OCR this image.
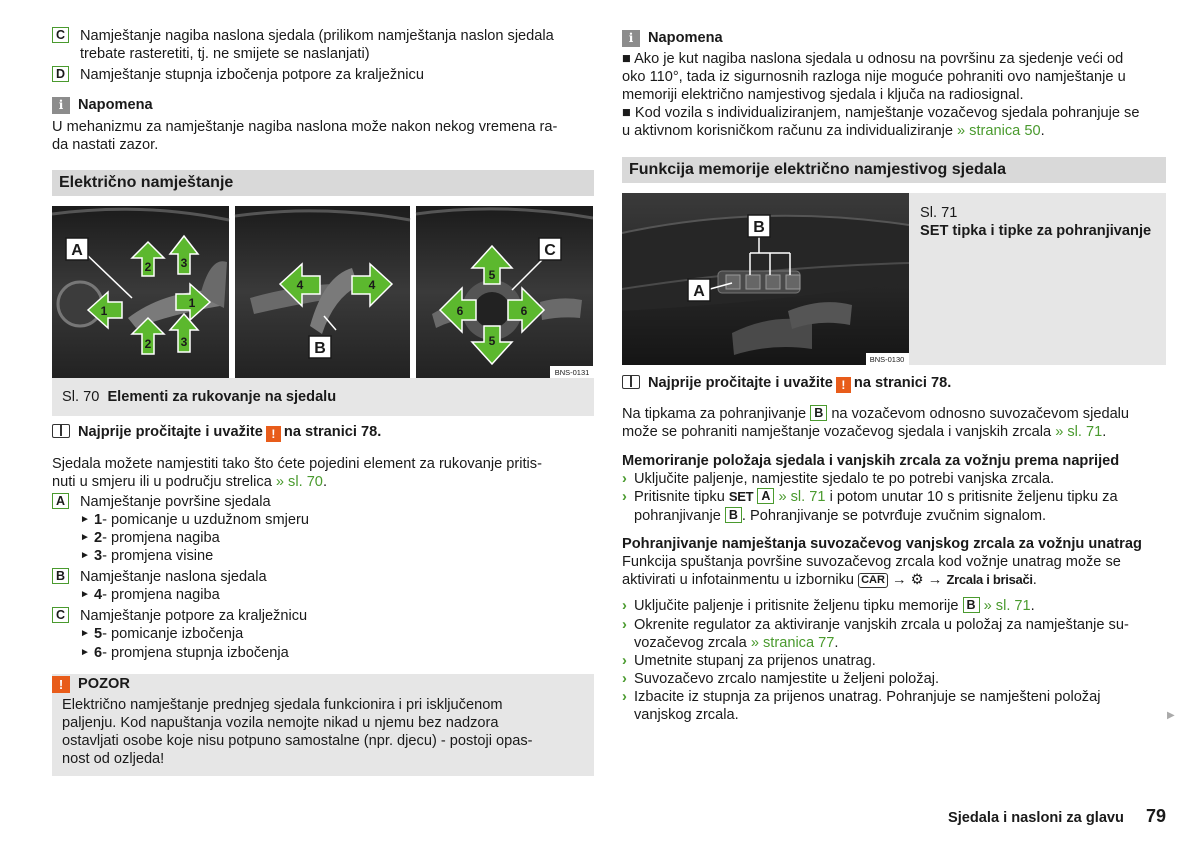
C	Namještanje nagiba naslona sjedala (prilikom namještanja naslon sjedala
trebate rasteretiti, tj. ne smijete se naslanjati)
D	Namještanje stupnja izbočenja potpore za kralježnicu
i	Napomena
U mehanizmu za namještanje nagiba naslona može nakon nekog vremena ra-
da nastati zazor.
Električno namještanje
1
1
2
2
3
3
4	4
5
5
6	6
A
B
C
BNS-0131
Sl. 70 Elementi za rukovanje na sjedalu
Najprije pročitajte i uvažite ! na stranici 78.
Sjedala možete namjestiti tako što ćete pojedini element za rukovanje pritis-
nuti u smjeru ili u području strelica » sl. 70.
A	Namještanje površine sjedala
► 1 - pomicanje u uzdužnom smjeru
► 2 - promjena nagiba
► 3 - promjena visine
B	Namještanje naslona sjedala
► 4 - promjena nagiba
C	Namještanje potpore za kralježnicu
► 5 - pomicanje izbočenja
► 6 - promjena stupnja izbočenja
!	POZOR
Električno namještanje prednjeg sjedala funkcionira i pri isključenom
paljenju. Kod napuštanja vozila nemojte nikad u njemu bez nadzora
ostavljati osobe koje nisu potpuno samostalne (npr. djecu) - postoji opas-
nost od ozljeda!
i	Napomena
■ Ako je kut nagiba naslona sjedala u odnosu na površinu za sjedenje veći od
oko 110°, tada iz sigurnosnih razloga nije moguće pohraniti ovo namještanje u
memoriji električno namjestivog sjedala i ključa na radiosignal.
■ Kod vozila s individualiziranjem, namještanje vozačevog sjedala pohranjuje se
u aktivnom korisničkom računu za individualiziranje » stranica 50.
Funkcija memorije električno namjestivog sjedala
B
A
BNS-0130
Sl. 71
SET tipka i tipke za pohranjivanje
Najprije pročitajte i uvažite ! na stranici 78.
Na tipkama za pohranjivanje B na vozačevom odnosno suvozačevom sjedalu
može se pohraniti namještanje vozačevog sjedala i vanjskih zrcala » sl. 71.
Memoriranje položaja sjedala i vanjskih zrcala za vožnju prema naprijed
› Uključite paljenje, namjestite sjedalo te po potrebi vanjska zrcala.
› Pritisnite tipku SET A » sl. 71 i potom unutar 10 s pritisnite željenu tipku za
pohranjivanje B . Pohranjivanje se potvrđuje zvučnim signalom.
Pohranjivanje namještanja suvozačevog vanjskog zrcala za vožnju unatrag
Funkcija spuštanja površine suvozačevog zrcala kod vožnje unatrag može se
aktivirati u infotainmentu u izborniku CAR → ⚙ → Zrcala i brisači.
› Uključite paljenje i pritisnite željenu tipku memorije B » sl. 71.
› Okrenite regulator za aktiviranje vanjskih zrcala u položaj za namještanje su-
vozačevog zrcala » stranica 77.
› Umetnite stupanj za prijenos unatrag.
› Suvozačevo zrcalo namjestite u željeni položaj.
› Izbacite iz stupnja za prijenos unatrag. Pohranjuje se namješteni položaj
vanjskog zrcala.	▶
Sjedala i nasloni za glavu 79
